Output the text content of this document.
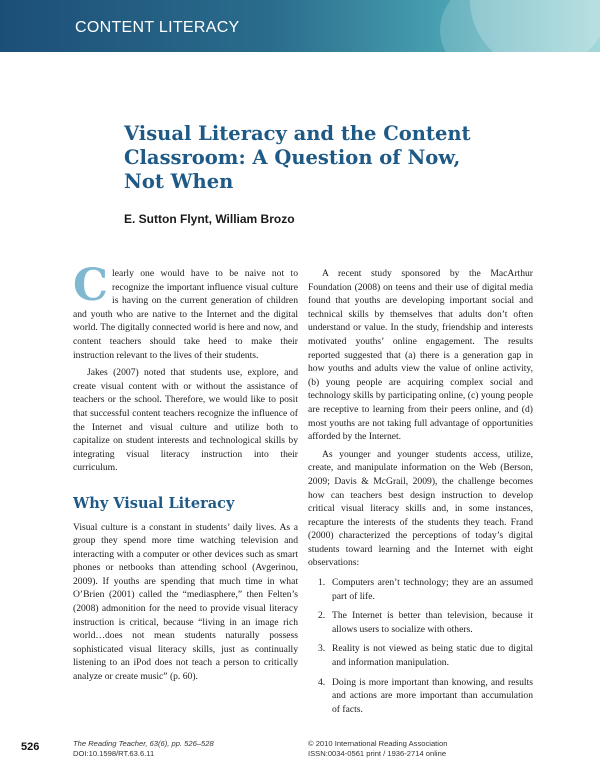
CONTENT LITERACY
Visual Literacy and the Content
Classroom: A Question of Now,
Not When
E. Sutton Flynt, William Brozo

Clearly one would have to be naive not to recognize the important influence visual culture is having on the current generation of children and youth who are native to the Internet and the digital world. The digitally connected world is here and now, and content teachers should take heed to make their instruction relevant to the lives of their students.

Jakes (2007) noted that students use, explore, and create visual content with or without the assistance of teachers or the school. Therefore, we would like to posit that successful content teachers recognize the influence of the Internet and visual culture and utilize both to capitalize on student interests and technological skills by integrating visual literacy instruction into their curriculum.

Why Visual Literacy

Visual culture is a constant in students’ daily lives. As a group they spend more time watching television and interacting with a computer or other devices such as smart phones or netbooks than attending school (Avgerinou, 2009). If youths are spending that much time in what O’Brien (2001) called the “mediasphere,” then Felten’s (2008) admonition for the need to provide visual literacy instruction is critical, because “living in an image rich world…does not mean students naturally possess sophisticated visual literacy skills, just as continually listening to an iPod does not teach a person to critically analyze or create music” (p. 60).

A recent study sponsored by the MacArthur Foundation (2008) on teens and their use of digital media found that youths are developing important social and technical skills by themselves that adults don’t often understand or value. In the study, friendship and interests motivated youths’ online engagement. The results reported suggested that (a) there is a generation gap in how youths and adults view the value of online activity, (b) young people are acquiring complex social and technology skills by participating online, (c) young people are receptive to learning from their peers online, and (d) most youths are not taking full advantage of opportunities afforded by the Internet.

As younger and younger students access, utilize, create, and manipulate information on the Web (Berson, 2009; Davis & McGrail, 2009), the challenge becomes how can teachers best design instruction to develop critical visual literacy skills and, in some instances, recapture the interests of the students they teach. Frand (2000) characterized the perceptions of today’s digital students toward learning and the Internet with eight observations:

1. Computers aren’t technology; they are an assumed part of life.
2. The Internet is better than television, because it allows users to socialize with others.
3. Reality is not viewed as being static due to digital and information manipulation.
4. Doing is more important than knowing, and results and actions are more important than accumulation of facts.
526	The Reading Teacher, 63(6), pp. 526–528
DOI:10.1598/RT.63.6.11
© 2010 International Reading Association
ISSN:0034-0561 print / 1936-2714 online
